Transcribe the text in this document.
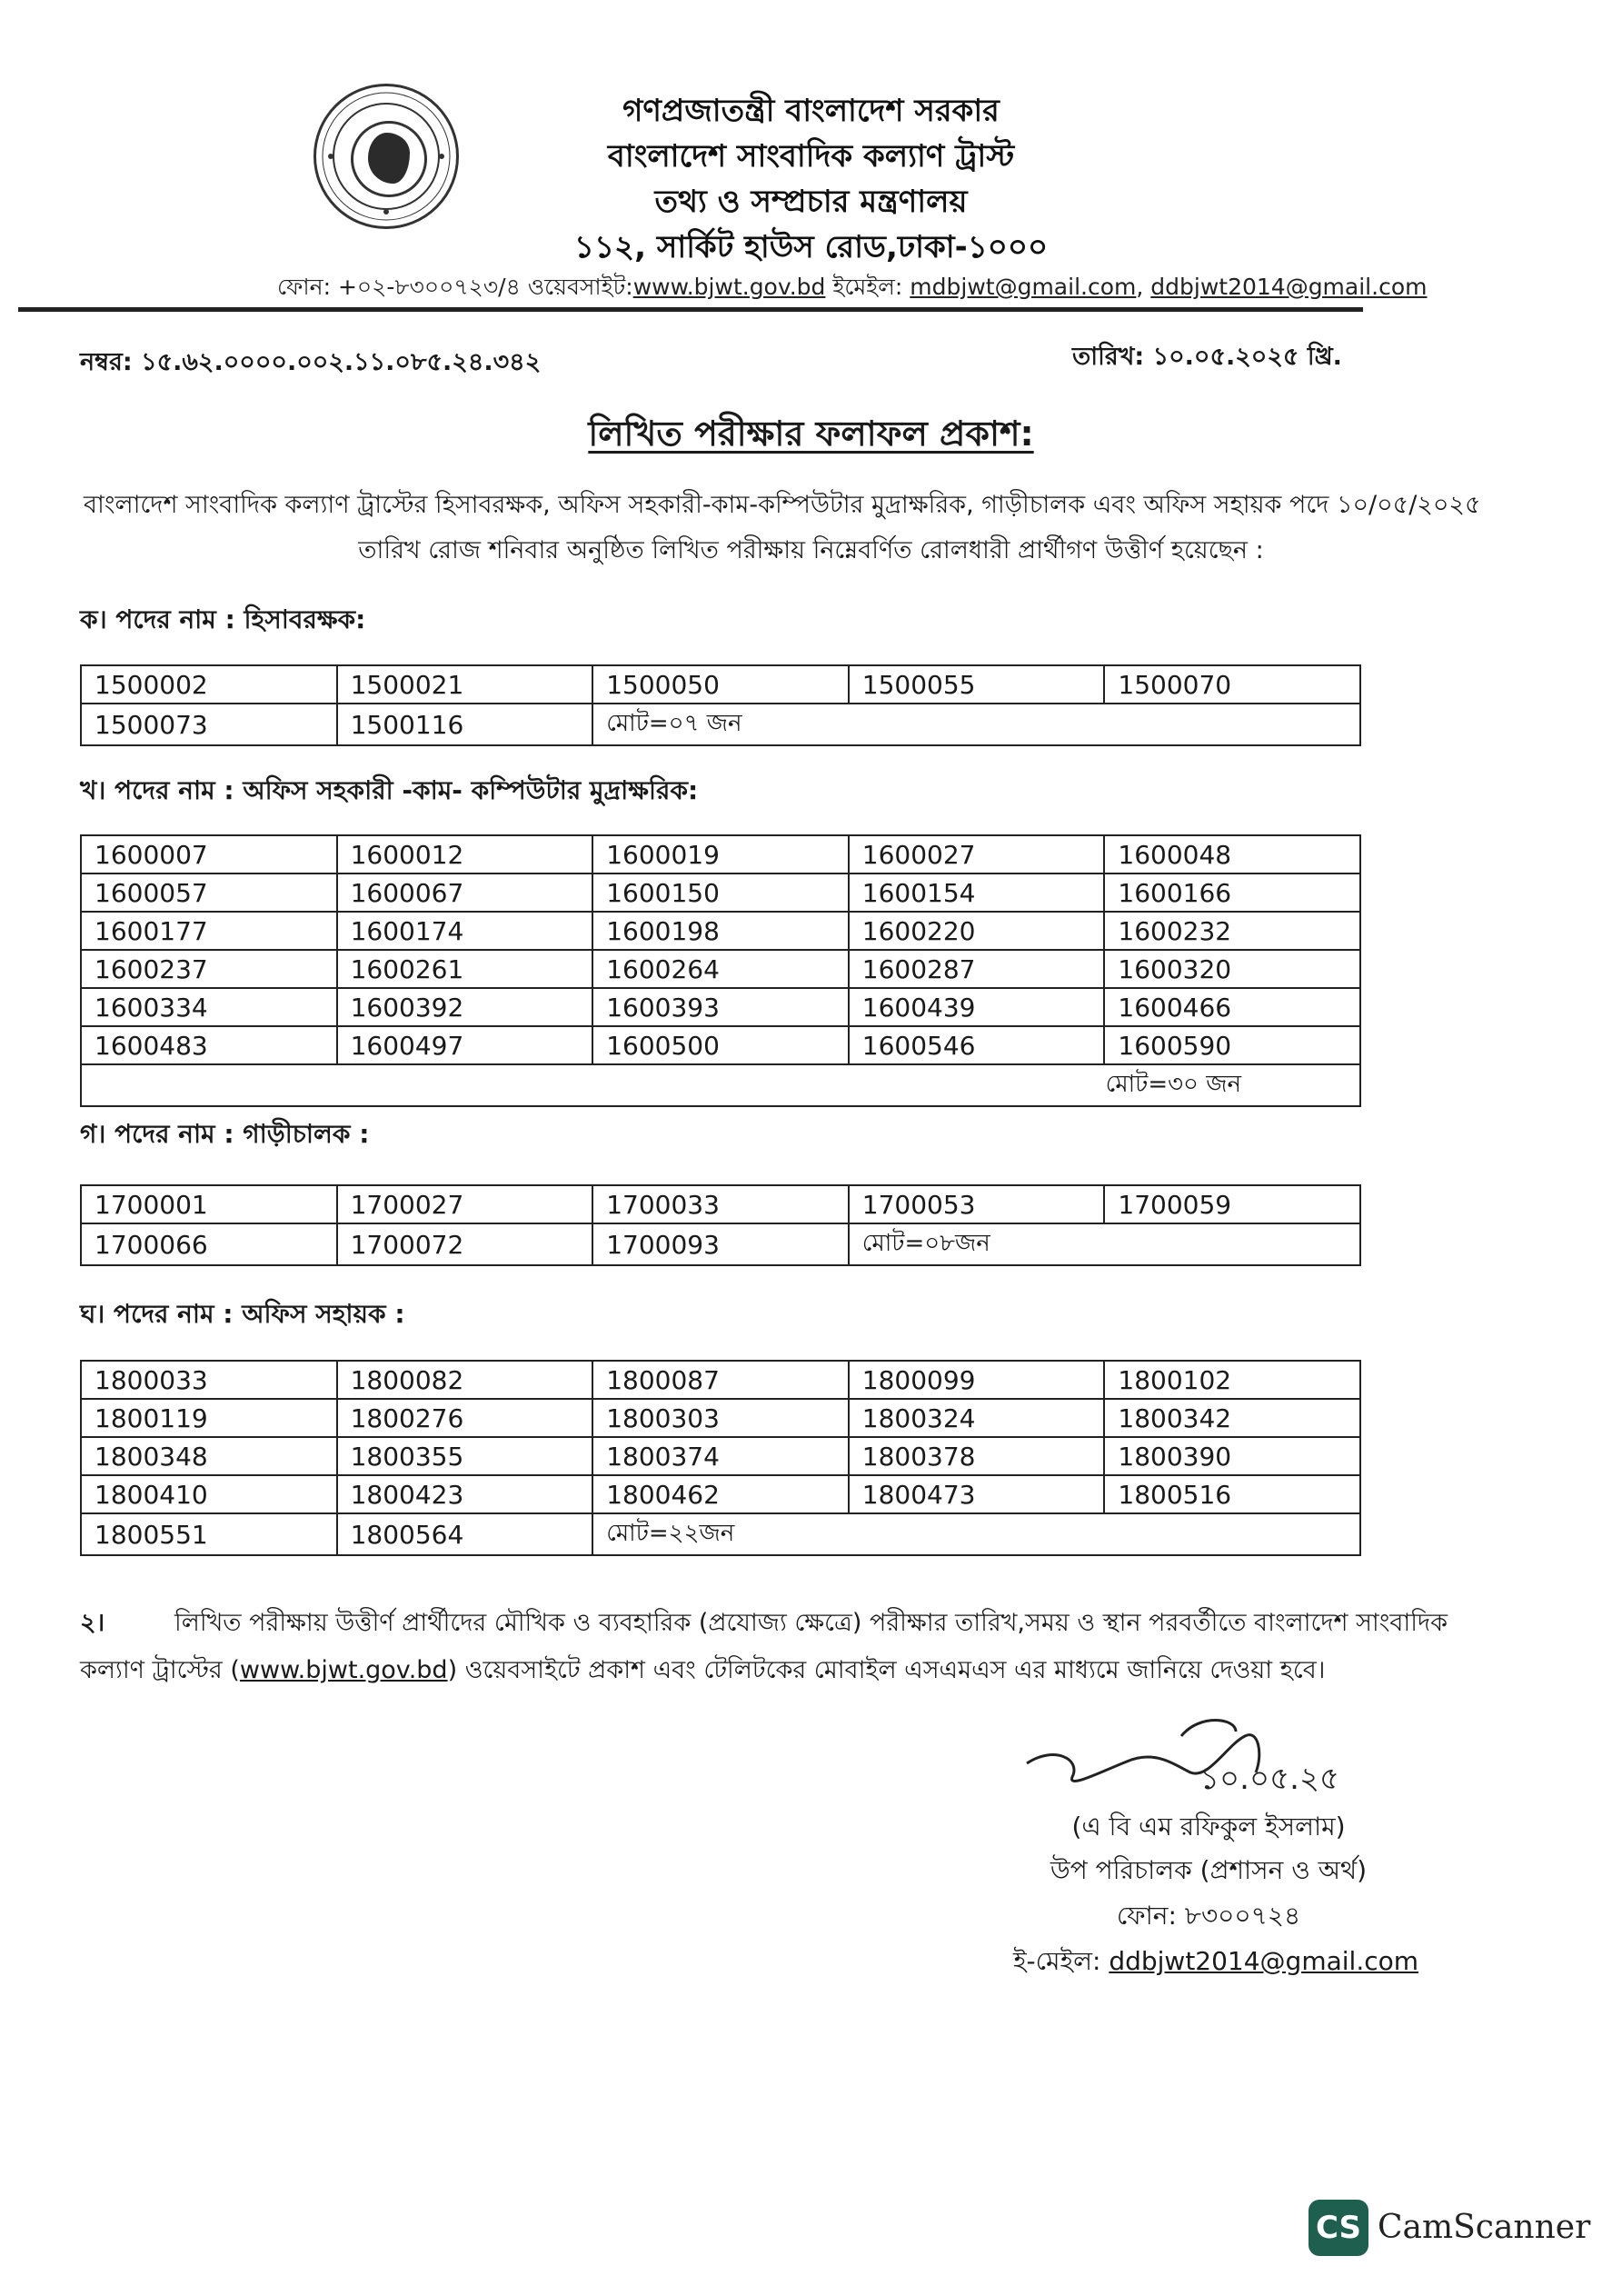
গণপ্রজাতন্ত্রী বাংলাদেশ সরকার
বাংলাদেশ সাংবাদিক কল্যাণ ট্রাস্ট
তথ্য ও সম্প্রচার মন্ত্রণালয়
১১২, সার্কিট হাউস রোড,ঢাকা-১০০০
ফোন: +০২-৮৩০০৭২৩/৪ ওয়েবসাইট:www.bjwt.gov.bd ইমেইল: mdbjwt@gmail.com, ddbjwt2014@gmail.com
নম্বর: ১৫.৬২.০০০০.০০২.১১.০৮৫.২৪.৩৪২	তারিখ: ১০.০৫.২০২৫ খ্রি.
লিখিত পরীক্ষার ফলাফল প্রকাশ:
বাংলাদেশ সাংবাদিক কল্যাণ ট্রাস্টের হিসাবরক্ষক, অফিস সহকারী-কাম-কম্পিউটার মুদ্রাক্ষরিক, গাড়ীচালক এবং অফিস সহায়ক পদে ১০/০৫/২০২৫
তারিখ রোজ শনিবার অনুষ্ঠিত লিখিত পরীক্ষায় নিম্নেবর্ণিত রোলধারী প্রার্থীগণ উত্তীর্ণ হয়েছেন :
ক। পদের নাম : হিসাবরক্ষক:
1500002	1500021	1500050	1500055	1500070
1500073	1500116	মোট=০৭ জন		
খ। পদের নাম : অফিস সহকারী -কাম- কম্পিউটার মুদ্রাক্ষরিক:
1600007	1600012	1600019	1600027	1600048
1600057	1600067	1600150	1600154	1600166
1600177	1600174	1600198	1600220	1600232
1600237	1600261	1600264	1600287	1600320
1600334	1600392	1600393	1600439	1600466
1600483	1600497	1600500	1600546	1600590
মোট=৩০ জন				
গ। পদের নাম : গাড়ীচালক :
1700001	1700027	1700033	1700053	1700059
1700066	1700072	1700093	মোট=০৮জন	
ঘ। পদের নাম : অফিস সহায়ক :
1800033	1800082	1800087	1800099	1800102
1800119	1800276	1800303	1800324	1800342
1800348	1800355	1800374	1800378	1800390
1800410	1800423	1800462	1800473	1800516
1800551	1800564	মোট=২২জন		
২।	লিখিত পরীক্ষায় উত্তীর্ণ প্রার্থীদের মৌখিক ও ব্যবহারিক (প্রযোজ্য ক্ষেত্রে) পরীক্ষার তারিখ,সময় ও স্থান পরবর্তীতে বাংলাদেশ সাংবাদিক
কল্যাণ ট্রাস্টের (www.bjwt.gov.bd) ওয়েবসাইটে প্রকাশ এবং টেলিটকের মোবাইল এসএমএস এর মাধ্যমে জানিয়ে দেওয়া হবে।
১০.০৫.২৫
(এ বি এম রফিকুল ইসলাম)
উপ পরিচালক (প্রশাসন ও অর্থ)
ফোন: ৮৩০০৭২৪
ই-মেইল: ddbjwt2014@gmail.com
CS CamScanner
